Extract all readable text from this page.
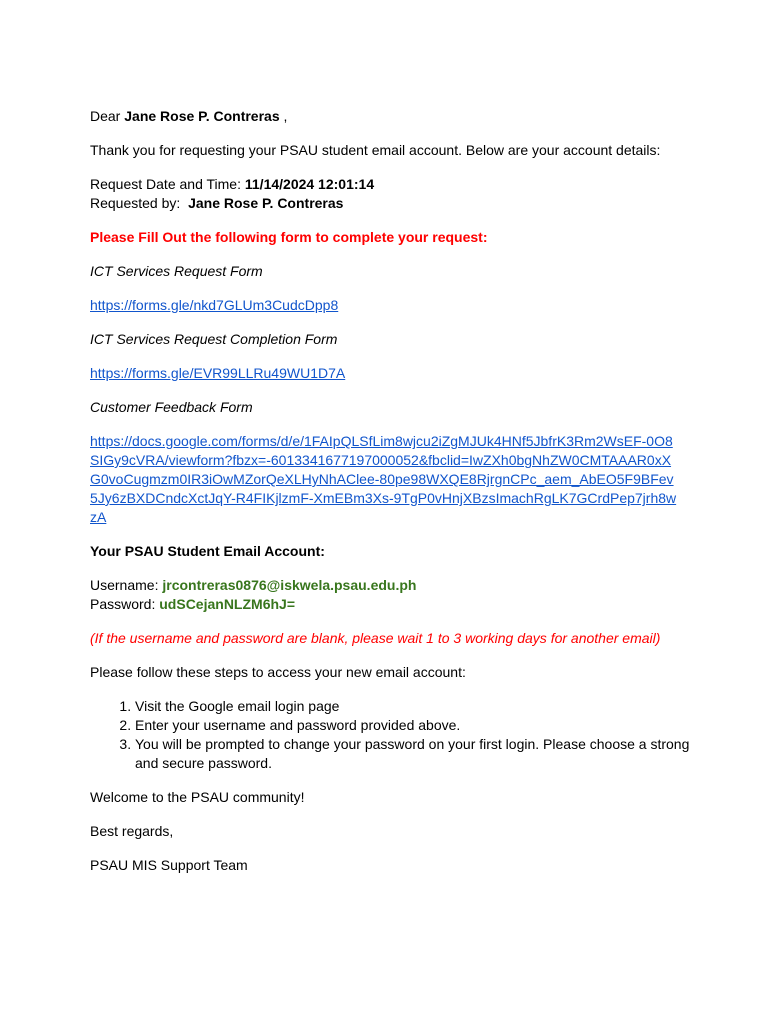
Dear Jane Rose P. Contreras ,

Thank you for requesting your PSAU student email account. Below are your account details:

Request Date and Time: 11/14/2024 12:01:14

Requested by: Jane Rose P. Contreras

Please Fill Out the following form to complete your request:

ICT Services Request Form

https://forms.gle/nkd7GLUm3CudcDpp8

ICT Services Request Completion Form

https://forms.gle/EVR99LLRu49WU1D7A

Customer Feedback Form

https://docs.google.com/forms/d/e/1FAIpQLSfLim8wjcu2iZgMJUk4HNf5JbfrK3Rm2WsEF-0O8SIGy9cVRA/viewform?fbzx=-6013341677197000052&fbclid=IwZXh0bgNhZW0CMTAAAR0xXG0voCugmzm0IR3iOwMZorQeXLHyNhAClee-80pe98WXQE8RjrgnCPc_aem_AbEO5F9BFev5Jy6zBXDCndcXctJqY-R4FIKjlzmF-XmEBm3Xs-9TgP0vHnjXBzsImachRgLK7GCrdPep7jrh8wzA

Your PSAU Student Email Account:

Username: jrcontreras0876@iskwela.psau.edu.ph

Password: udSCejanNLZM6hJ=

(If the username and password are blank, please wait 1 to 3 working days for another email)

Please follow these steps to access your new email account:

1. Visit the Google email login page
2. Enter your username and password provided above.
3. You will be prompted to change your password on your first login. Please choose a strong and secure password.

Welcome to the PSAU community!

Best regards,

PSAU MIS Support Team
